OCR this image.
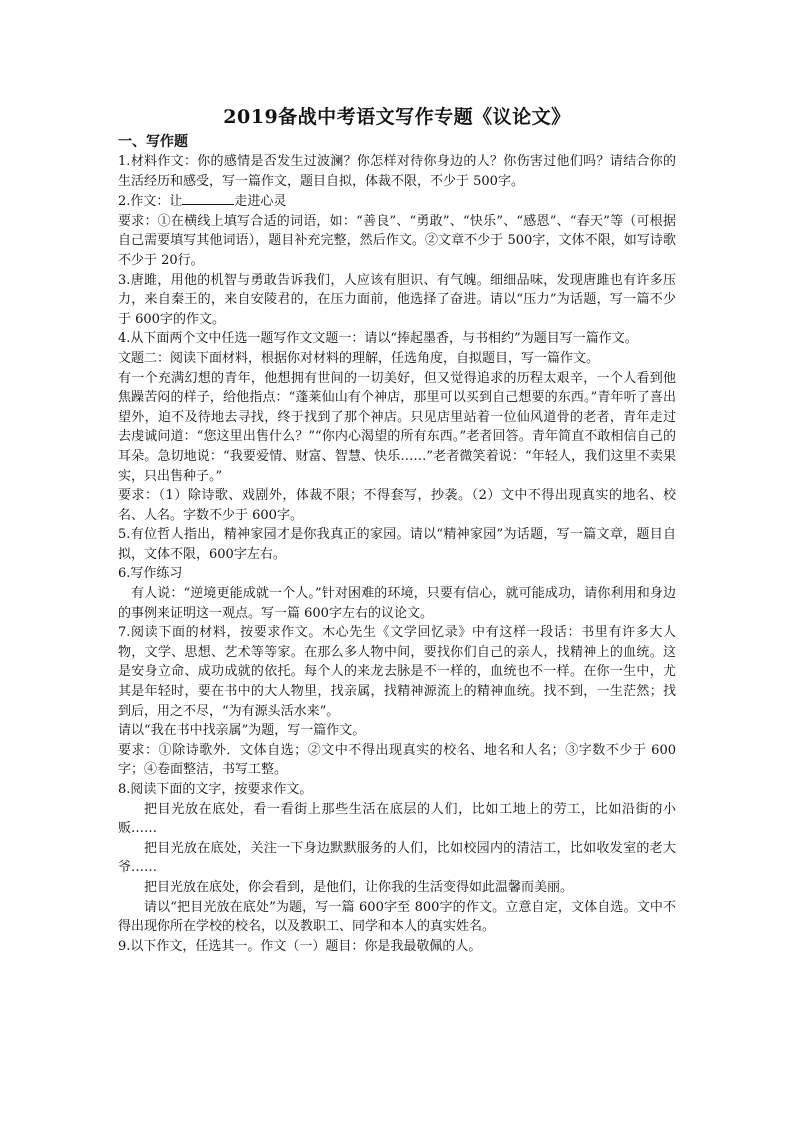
2019备战中考语文写作专题《议论文》
一、写作题

1.材料作文：你的感情是否发生过波澜？你怎样对待你身边的人？你伤害过他们吗？请结合你的生活经历和感受，写一篇作文，题目自拟，体裁不限，不少于 500字。

2.作文：让	走进心灵

要求：①在横线上填写合适的词语，如：“善良”、“勇敢”、“快乐”、“感恩”、“春天”等（可根据自己需要填写其他词语），题目补充完整，然后作文。②文章不少于 500字，文体不限，如写诗歌不少于 20行。

3.唐雎，用他的机智与勇敢告诉我们，人应该有胆识、有气魄。细细品味，发现唐雎也有许多压力，来自秦王的，来自安陵君的，在压力面前，他选择了奋进。请以“压力”为话题，写一篇不少于 600字的作文。

4.从下面两个文中任选一题写作文文题一：请以“捧起墨香，与书相约”为题目写一篇作文。

文题二：阅读下面材料，根据你对材料的理解，任选角度，自拟题目，写一篇作文。

有一个充满幻想的青年，他想拥有世间的一切美好，但又觉得追求的历程太艰辛，一个人看到他焦躁苦闷的样子，给他指点：“蓬莱仙山有个神店，那里可以买到自己想要的东西。”青年听了喜出望外，迫不及待地去寻找，终于找到了那个神店。只见店里站着一位仙风道骨的老者，青年走过去虔诚问道：“您这里出售什么？”“你内心渴望的所有东西。”老者回答。青年简直不敢相信自己的耳朵。急切地说：“我要爱情、财富、智慧、快乐……”老者微笑着说：“年轻人，我们这里不卖果实，只出售种子。”

要求：（1）除诗歌、戏剧外，体裁不限；不得套写，抄袭。（2）文中不得出现真实的地名、校名、人名。字数不少于 600字。

5.有位哲人指出，精神家园才是你我真正的家园。请以“精神家园”为话题，写一篇文章，题目自拟，文体不限，600字左右。

6.写作练习

有人说：“逆境更能成就一个人。”针对困难的环境，只要有信心，就可能成功，请你利用和身边的事例来证明这一观点。写一篇 600字左右的议论文。

7.阅读下面的材料，按要求作文。木心先生《文学回忆录》中有这样一段话：书里有许多大人物，文学、思想、艺术等等家。在那么多人物中间，要找你们自己的亲人，找精神上的血统。这是安身立命、成功成就的依托。每个人的来龙去脉是不一样的，血统也不一样。在你一生中，尤其是年轻时，要在书中的大人物里，找亲属，找精神源流上的精神血统。找不到，一生茫然；找到后，用之不尽，“为有源头活水来”。

请以“我在书中找亲属”为题，写一篇作文。

要求：①除诗歌外．文体自选；②文中不得出现真实的校名、地名和人名；③字数不少于 600字；④卷面整洁，书写工整。

8.阅读下面的文字，按要求作文。

把目光放在底处，看一看街上那些生活在底层的人们，比如工地上的劳工，比如沿街的小贩……

把目光放在底处，关注一下身边默默服务的人们，比如校园内的清洁工，比如收发室的老大爷……

把目光放在底处，你会看到，是他们，让你我的生活变得如此温馨而美丽。

请以“把目光放在底处”为题，写一篇 600字至 800字的作文。立意自定，文体自选。文中不得出现你所在学校的校名，以及教职工、同学和本人的真实姓名。

9.以下作文，任选其一。作文（一）题目：你是我最敬佩的人。
